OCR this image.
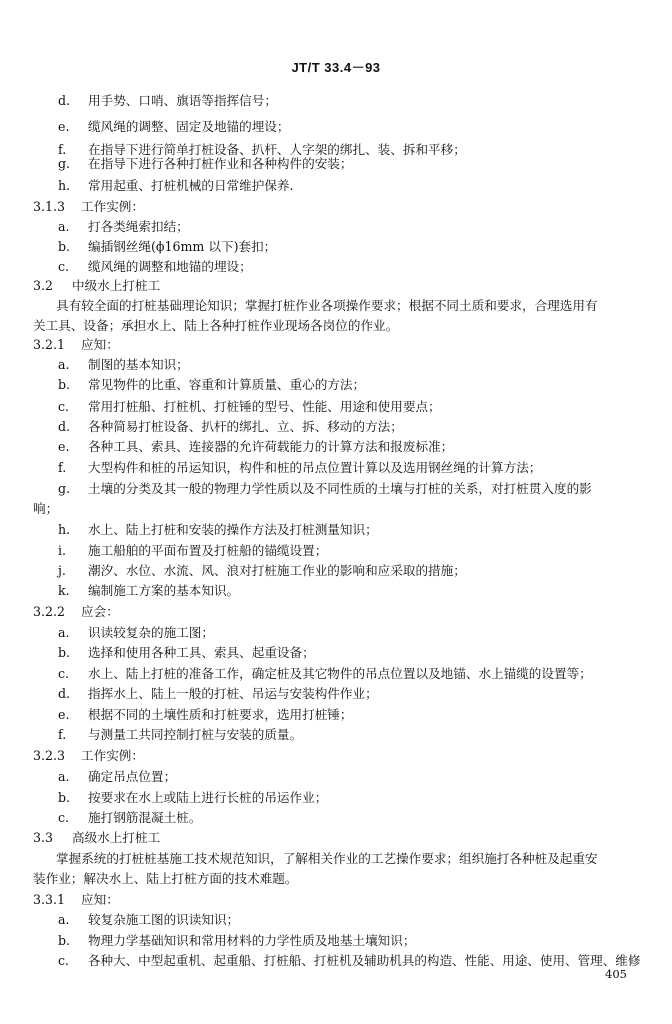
JT/T 33.4－93
d. 用手势、口哨、旗语等指挥信号；
e. 缆风绳的调整、固定及地锚的埋设；
f. 在指导下进行简单打桩设备、扒杆、人字架的绑扎、装、拆和平移；
g. 在指导下进行各种打桩作业和各种构件的安装；
h. 常用起重、打桩机械的日常维护保养.
3.1.3 工作实例：
a. 打各类绳索扣结；
b. 编插钢丝绳(ϕ16mm 以下)套扣；
c. 缆风绳的调整和地锚的埋设；
3.2 中级水上打桩工
具有较全面的打桩基础理论知识；掌握打桩作业各项操作要求；根据不同土质和要求，合理选用有
关工具、设备；承担水上、陆上各种打桩作业现场各岗位的作业。
3.2.1 应知：
a. 制图的基本知识；
b. 常见物件的比重、容重和计算质量、重心的方法；
c. 常用打桩船、打桩机、打桩锤的型号、性能、用途和使用要点；
d. 各种简易打桩设备、扒杆的绑扎、立、拆、移动的方法；
e. 各种工具、索具、连接器的允许荷载能力的计算方法和报废标准；
f. 大型构件和桩的吊运知识，构件和桩的吊点位置计算以及选用钢丝绳的计算方法；
g. 土壤的分类及其一般的物理力学性质以及不同性质的土壤与打桩的关系，对打桩贯入度的影
响；
h. 水上、陆上打桩和安装的操作方法及打桩测量知识；
i. 施工船舶的平面布置及打桩船的锚缆设置；
j. 潮汐、水位、水流、风、浪对打桩施工作业的影响和应采取的措施；
k. 编制施工方案的基本知识。
3.2.2 应会：
a. 识读较复杂的施工图；
b. 选择和使用各种工具、索具、起重设备；
c. 水上、陆上打桩的准备工作，确定桩及其它物件的吊点位置以及地锚、水上锚缆的设置等；
d. 指挥水上、陆上一般的打桩、吊运与安装构件作业；
e. 根据不同的土壤性质和打桩要求，选用打桩锤；
f. 与测量工共同控制打桩与安装的质量。
3.2.3 工作实例：
a. 确定吊点位置；
b. 按要求在水上或陆上进行长桩的吊运作业；
c. 施打钢筋混凝土桩。
3.3 高级水上打桩工
掌握系统的打桩桩基施工技术规范知识，了解相关作业的工艺操作要求；组织施打各种桩及起重安
装作业；解决水上、陆上打桩方面的技术难题。
3.3.1 应知：
a. 较复杂施工图的识读知识；
b. 物理力学基础知识和常用材料的力学性质及地基土壤知识；
c. 各种大、中型起重机、起重船、打桩船、打桩机及辅助机具的构造、性能、用途、使用、管理、维修
405
